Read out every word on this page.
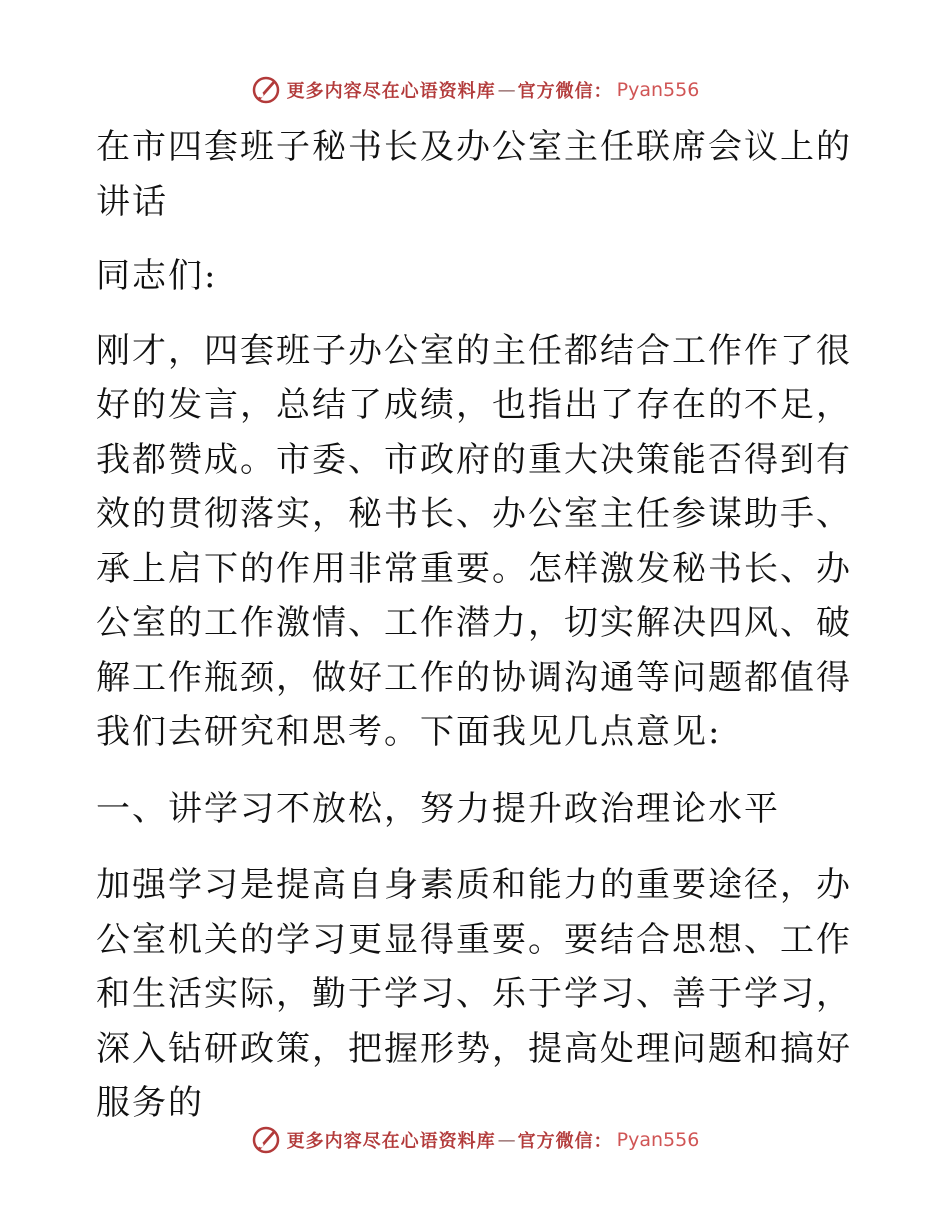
更多内容尽在心语资料库 — 官方微信： Pyan556

在市四套班子秘书长及办公室主任联席会议上的讲话

同志们:

刚才，四套班子办公室的主任都结合工作作了很好的发言，总结了成绩，也指出了存在的不足，我都赞成。市委、市政府的重大决策能否得到有效的贯彻落实，秘书长、办公室主任参谋助手、承上启下的作用非常重要。怎样激发秘书长、办公室的工作激情、工作潜力，切实解决四风、破解工作瓶颈，做好工作的协调沟通等问题都值得我们去研究和思考。下面我见几点意见:

一、讲学习不放松，努力提升政治理论水平

加强学习是提高自身素质和能力的重要途径，办公室机关的学习更显得重要。要结合思想、工作和生活实际，勤于学习、乐于学习、善于学习，深入钻研政策，把握形势，提高处理问题和搞好服务的

更多内容尽在心语资料库 — 官方微信： Pyan556
